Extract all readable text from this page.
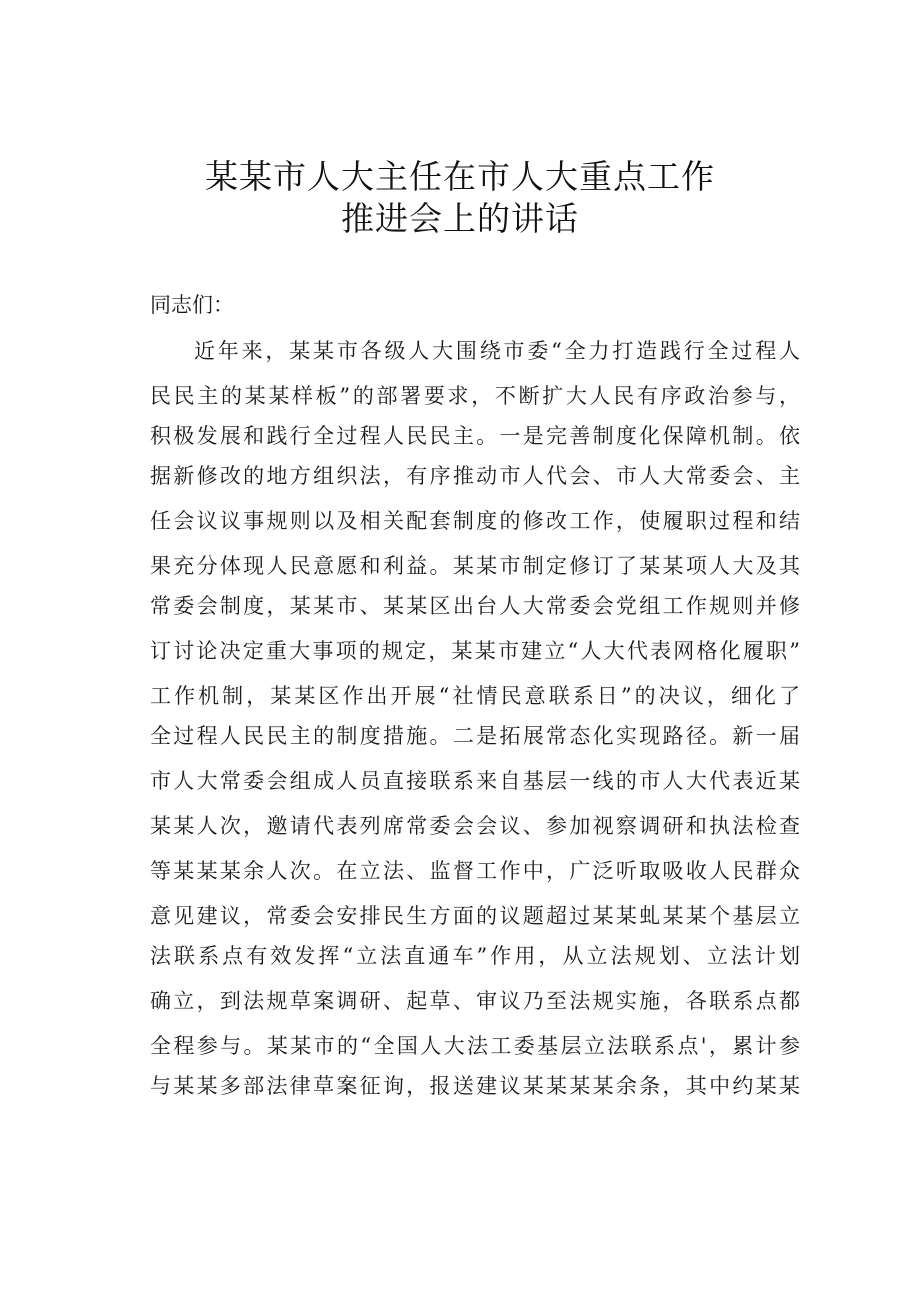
某某市人大主任在市人大重点工作
推进会上的讲话
同志们：
近年来，某某市各级人大围绕市委“全力打造践行全过程人
民民主的某某样板”的部署要求，不断扩大人民有序政治参与，
积极发展和践行全过程人民民主。一是完善制度化保障机制。依
据新修改的地方组织法，有序推动市人代会、市人大常委会、主
任会议议事规则以及相关配套制度的修改工作，使履职过程和结
果充分体现人民意愿和利益。某某市制定修订了某某项人大及其
常委会制度，某某市、某某区出台人大常委会党组工作规则并修
订讨论决定重大事项的规定，某某市建立“人大代表网格化履职”
工作机制，某某区作出开展“社情民意联系日”的决议，细化了
全过程人民民主的制度措施。二是拓展常态化实现路径。新一届
市人大常委会组成人员直接联系来自基层一线的市人大代表近某
某某人次，邀请代表列席常委会会议、参加视察调研和执法检查
等某某某余人次。在立法、监督工作中，广泛听取吸收人民群众
意见建议，常委会安排民生方面的议题超过某某虬某某个基层立
法联系点有效发挥“立法直通车”作用，从立法规划、立法计划
确立，到法规草案调研、起草、审议乃至法规实施，各联系点都
全程参与。某某市的“全国人大法工委基层立法联系点'，累计参
与某某多部法律草案征询，报送建议某某某某余条，其中约某某
